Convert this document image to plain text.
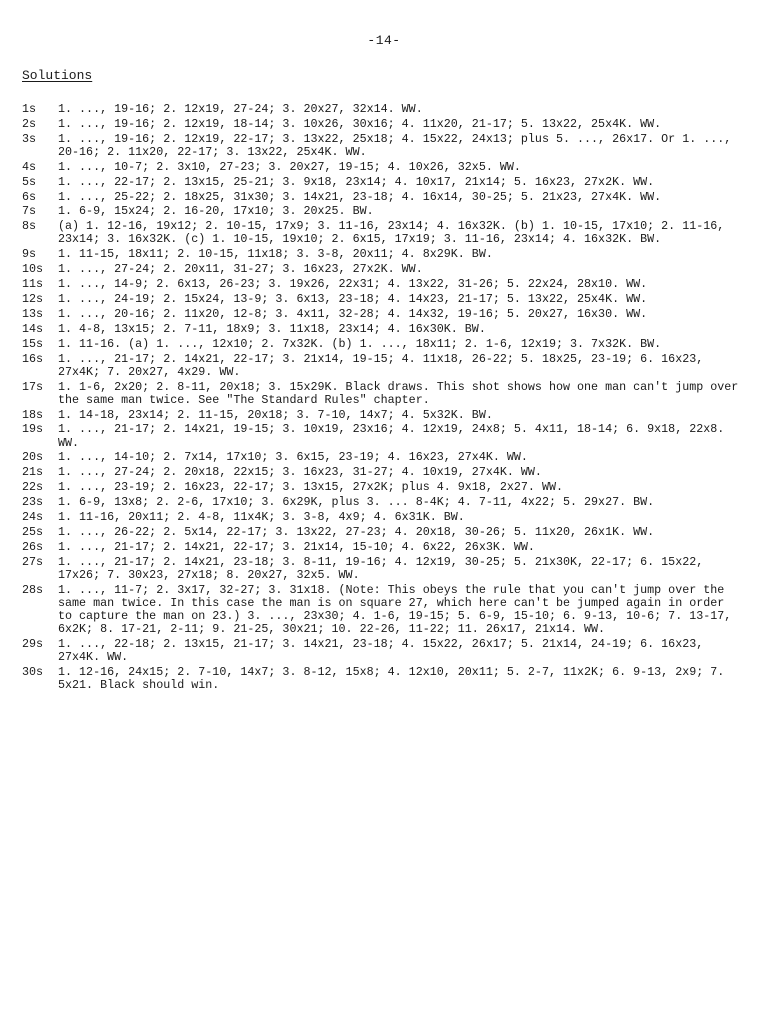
-14-
Solutions
1s	1. ..., 19-16; 2. 12x19, 27-24; 3. 20x27, 32x14. WW.
2s	1. ..., 19-16; 2. 12x19, 18-14; 3. 10x26, 30x16; 4. 11x20, 21-17; 5. 13x22, 25x4K. WW.
3s	1. ..., 19-16; 2. 12x19, 22-17; 3. 13x22, 25x18; 4. 15x22, 24x13; plus 5. ..., 26x17. Or 1. ..., 20-16; 2. 11x20, 22-17; 3. 13x22, 25x4K. WW.
4s	1. ..., 10-7; 2. 3x10, 27-23; 3. 20x27, 19-15; 4. 10x26, 32x5. WW.
5s	1. ..., 22-17; 2. 13x15, 25-21; 3. 9x18, 23x14; 4. 10x17, 21x14; 5. 16x23, 27x2K. WW.
6s	1. ..., 25-22; 2. 18x25, 31x30; 3. 14x21, 23-18; 4. 16x14, 30-25; 5. 21x23, 27x4K. WW.
7s	1. 6-9, 15x24; 2. 16-20, 17x10; 3. 20x25. BW.
8s	(a) 1. 12-16, 19x12; 2. 10-15, 17x9; 3. 11-16, 23x14; 4. 16x32K. (b) 1. 10-15, 17x10; 2. 11-16, 23x14; 3. 16x32K. (c) 1. 10-15, 19x10; 2. 6x15, 17x19; 3. 11-16, 23x14; 4. 16x32K. BW.
9s	1. 11-15, 18x11; 2. 10-15, 11x18; 3. 3-8, 20x11; 4. 8x29K. BW.
10s	1. ..., 27-24; 2. 20x11, 31-27; 3. 16x23, 27x2K. WW.
11s	1. ..., 14-9; 2. 6x13, 26-23; 3. 19x26, 22x31; 4. 13x22, 31-26; 5. 22x24, 28x10. WW.
12s	1. ..., 24-19; 2. 15x24, 13-9; 3. 6x13, 23-18; 4. 14x23, 21-17; 5. 13x22, 25x4K. WW.
13s	1. ..., 20-16; 2. 11x20, 12-8; 3. 4x11, 32-28; 4. 14x32, 19-16; 5. 20x27, 16x30. WW.
14s	1. 4-8, 13x15; 2. 7-11, 18x9; 3. 11x18, 23x14; 4. 16x30K. BW.
15s	1. 11-16. (a) 1. ..., 12x10; 2. 7x32K. (b) 1. ..., 18x11; 2. 1-6, 12x19; 3. 7x32K. BW.
16s	1. ..., 21-17; 2. 14x21, 22-17; 3. 21x14, 19-15; 4. 11x18, 26-22; 5. 18x25, 23-19; 6. 16x23, 27x4K; 7. 20x27, 4x29. WW.
17s	1. 1-6, 2x20; 2. 8-11, 20x18; 3. 15x29K. Black draws. This shot shows how one man can't jump over the same man twice. See "The Standard Rules" chapter.
18s	1. 14-18, 23x14; 2. 11-15, 20x18; 3. 7-10, 14x7; 4. 5x32K. BW.
19s	1. ..., 21-17; 2. 14x21, 19-15; 3. 10x19, 23x16; 4. 12x19, 24x8; 5. 4x11, 18-14; 6. 9x18, 22x8. WW.
20s	1. ..., 14-10; 2. 7x14, 17x10; 3. 6x15, 23-19; 4. 16x23, 27x4K. WW.
21s	1. ..., 27-24; 2. 20x18, 22x15; 3. 16x23, 31-27; 4. 10x19, 27x4K. WW.
22s	1. ..., 23-19; 2. 16x23, 22-17; 3. 13x15, 27x2K; plus 4. 9x18, 2x27. WW.
23s	1. 6-9, 13x8; 2. 2-6, 17x10; 3. 6x29K, plus 3. ... 8-4K; 4. 7-11, 4x22; 5. 29x27. BW.
24s	1. 11-16, 20x11; 2. 4-8, 11x4K; 3. 3-8, 4x9; 4. 6x31K. BW.
25s	1. ..., 26-22; 2. 5x14, 22-17; 3. 13x22, 27-23; 4. 20x18, 30-26; 5. 11x20, 26x1K. WW.
26s	1. ..., 21-17; 2. 14x21, 22-17; 3. 21x14, 15-10; 4. 6x22, 26x3K. WW.
27s	1. ..., 21-17; 2. 14x21, 23-18; 3. 8-11, 19-16; 4. 12x19, 30-25; 5. 21x30K, 22-17; 6. 15x22, 17x26; 7. 30x23, 27x18; 8. 20x27, 32x5. WW.
28s	1. ..., 11-7; 2. 3x17, 32-27; 3. 31x18. (Note: This obeys the rule that you can't jump over the same man twice. In this case the man is on square 27, which here can't be jumped again in order to capture the man on 23.) 3. ..., 23x30; 4. 1-6, 19-15; 5. 6-9, 15-10; 6. 9-13, 10-6; 7. 13-17, 6x2K; 8. 17-21, 2-11; 9. 21-25, 30x21; 10. 22-26, 11-22; 11. 26x17, 21x14. WW.
29s	1. ..., 22-18; 2. 13x15, 21-17; 3. 14x21, 23-18; 4. 15x22, 26x17; 5. 21x14, 24-19; 6. 16x23, 27x4K. WW.
30s	1. 12-16, 24x15; 2. 7-10, 14x7; 3. 8-12, 15x8; 4. 12x10, 20x11; 5. 2-7, 11x2K; 6. 9-13, 2x9; 7. 5x21. Black should win.
